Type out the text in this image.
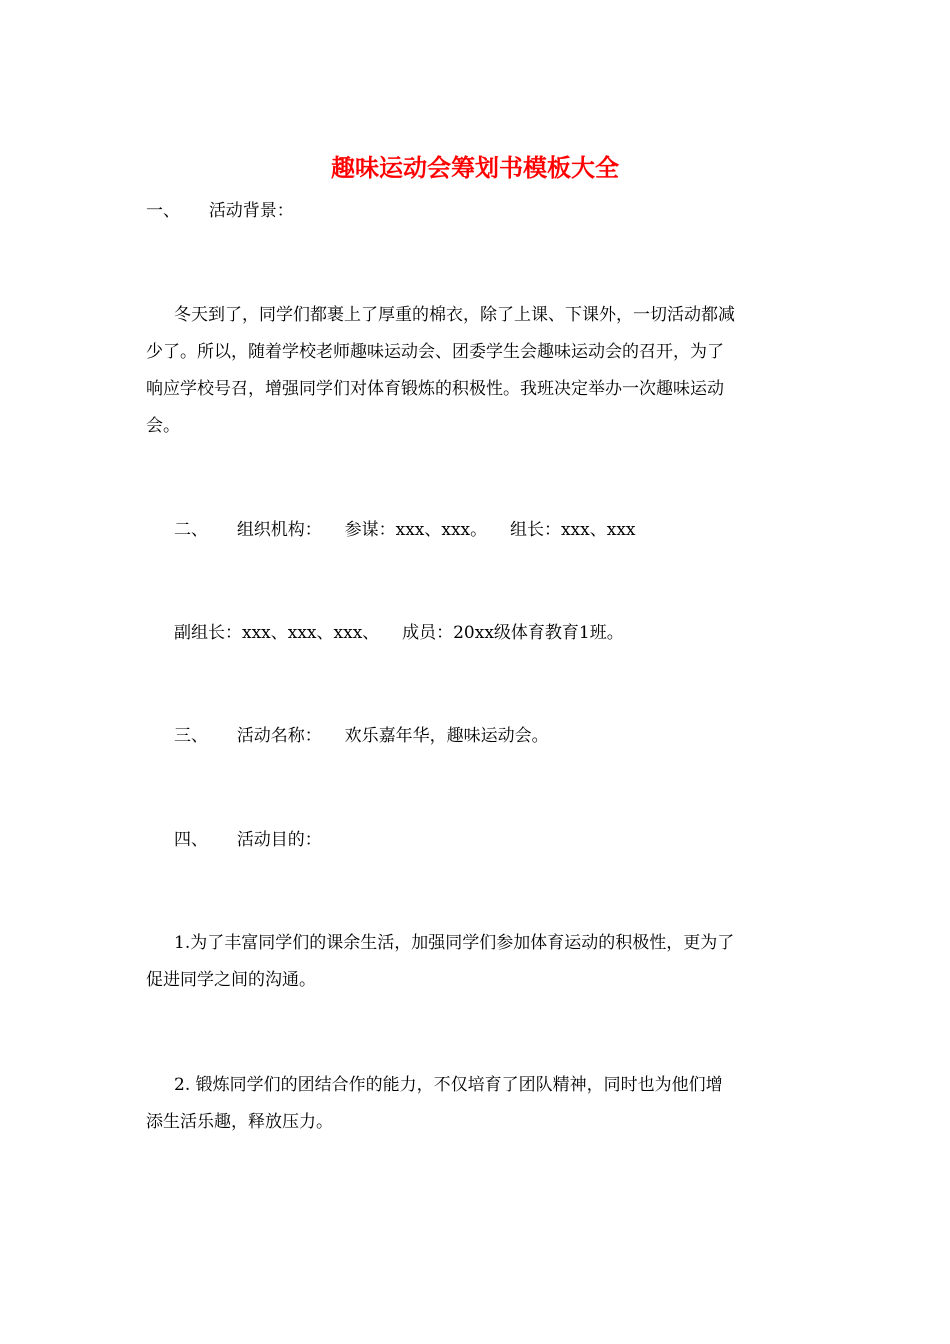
趣味运动会筹划书模板大全
一、 活动背景：

冬天到了，同学们都裹上了厚重的棉衣，除了上课、下课外，一切活动都减

少了。所以，随着学校老师趣味运动会、团委学生会趣味运动会的召开，为了

响应学校号召，增强同学们对体育锻炼的积极性。我班决定举办一次趣味运动

会。

二、 组织机构： 参谋：xxx、xxx。 组长：xxx、xxx
副组长：xxx、xxx、xxx、 成员：20xx级体育教育1班。
三、 活动名称： 欢乐嘉年华，趣味运动会。
四、 活动目的：

1.为了丰富同学们的课余生活，加强同学们参加体育运动的积极性，更为了

促进同学之间的沟通。

2. 锻炼同学们的团结合作的能力，不仅培育了团队精神，同时也为他们增

添生活乐趣，释放压力。
